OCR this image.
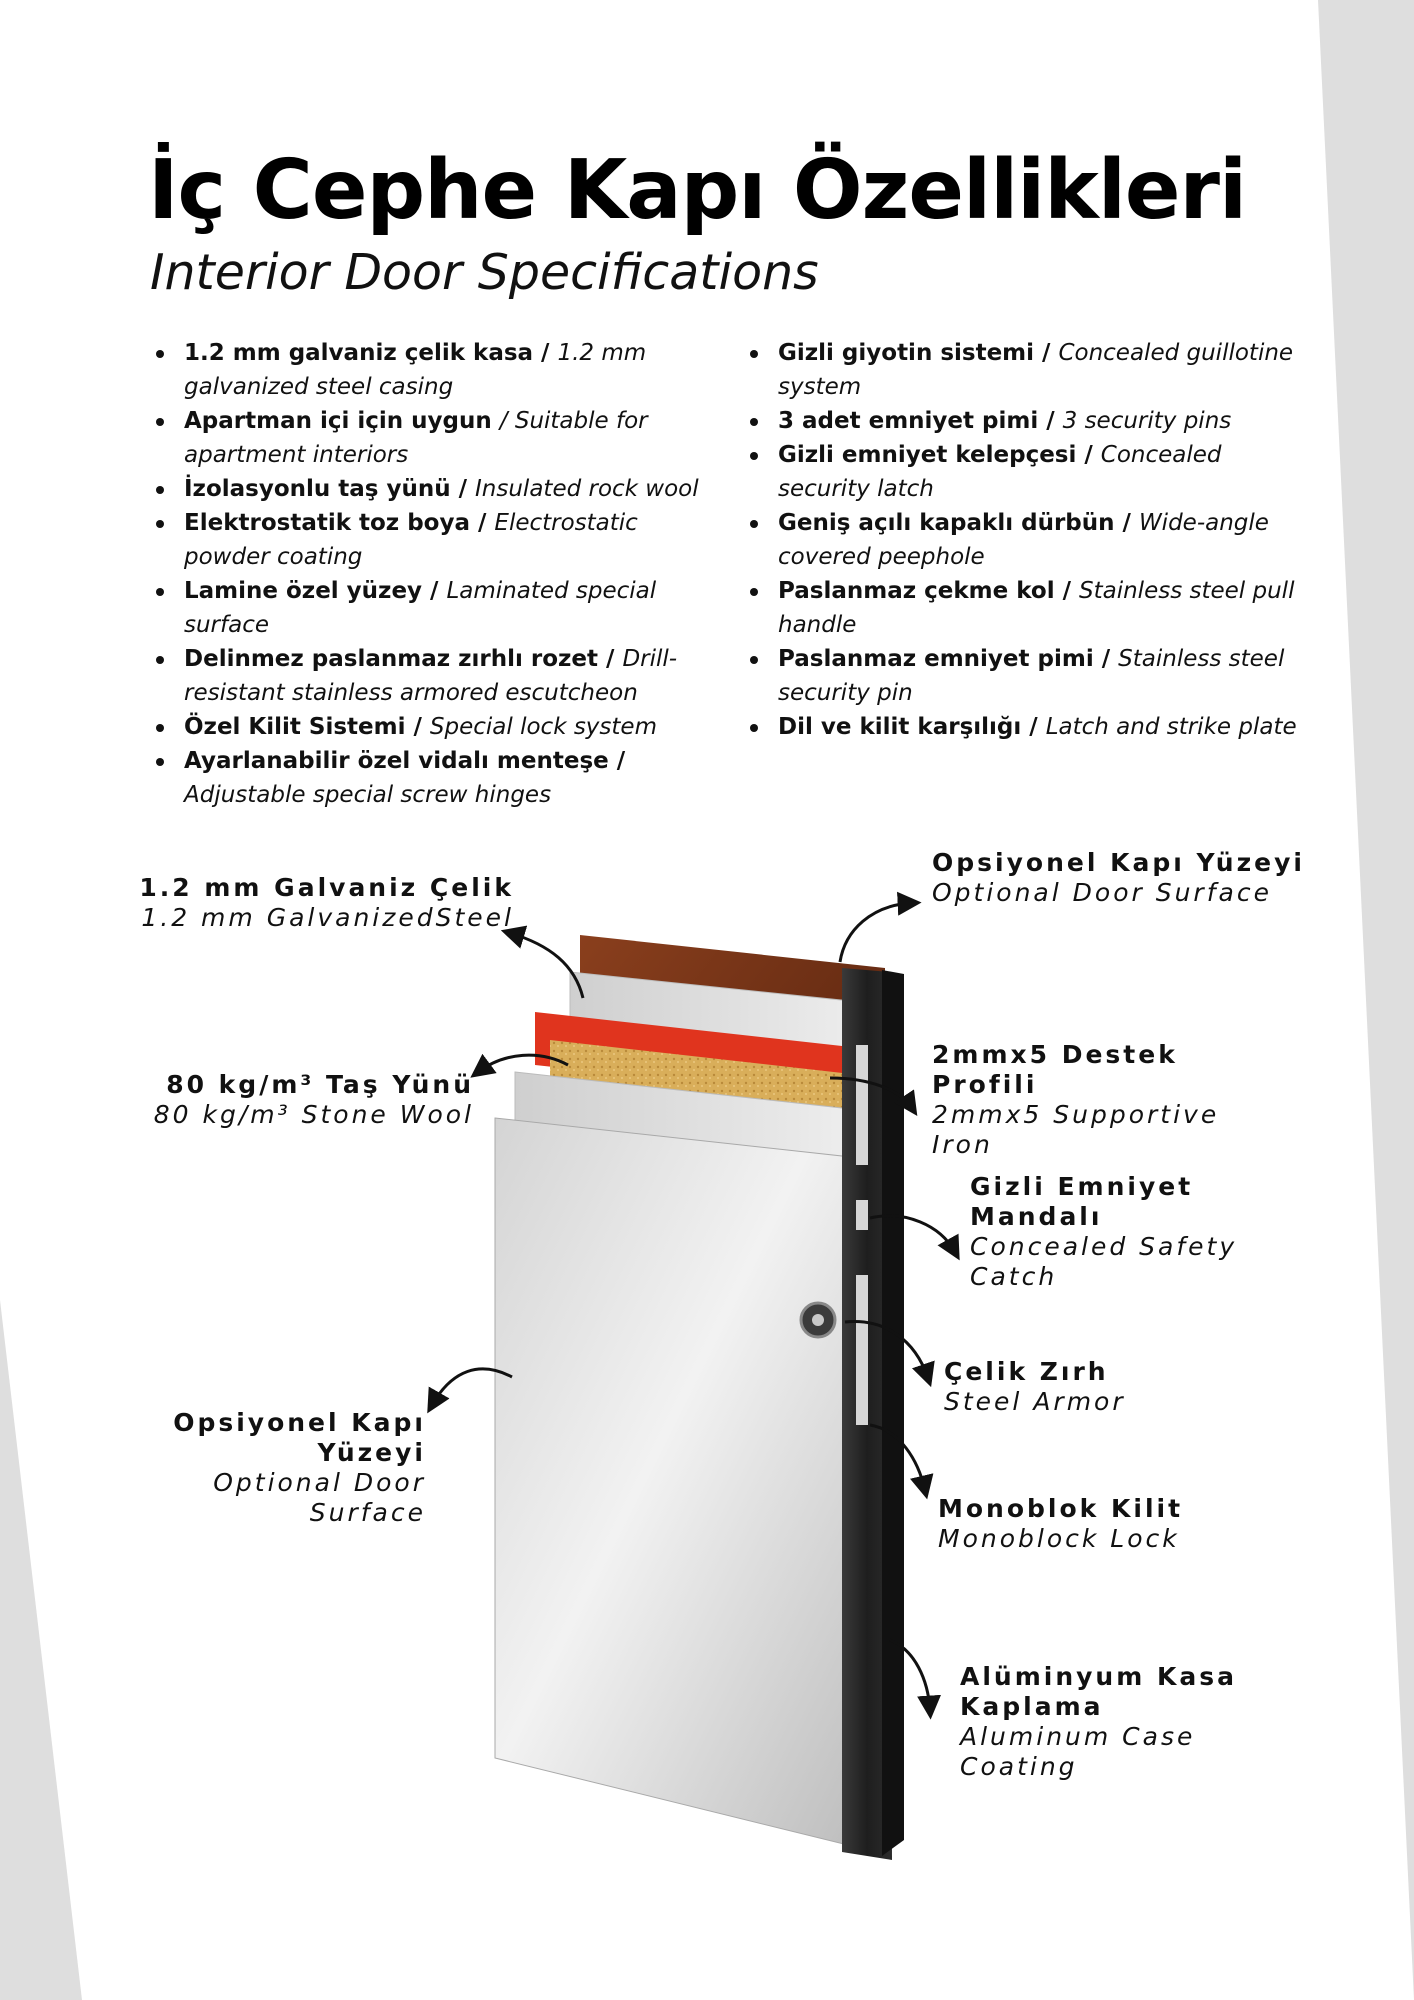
İç Cephe Kapı Özellikleri
Interior Door Specifications
1.2 mm galvaniz çelik kasa / 1.2 mm galvanized steel casing
Apartman içi için uygun / Suitable for apartment interiors
İzolasyonlu taş yünü / Insulated rock wool
Elektrostatik toz boya / Electrostatic powder coating
Lamine özel yüzey / Laminated special surface
Delinmez paslanmaz zırhlı rozet / Drill-resistant stainless armored escutcheon
Özel Kilit Sistemi / Special lock system
Ayarlanabilir özel vidalı menteşe / Adjustable special screw hinges
Gizli giyotin sistemi / Concealed guillotine system
3 adet emniyet pimi / 3 security pins
Gizli emniyet kelepçesi / Concealed security latch
Geniş açılı kapaklı dürbün / Wide-angle covered peephole
Paslanmaz çekme kol / Stainless steel pull handle
Paslanmaz emniyet pimi / Stainless steel security pin
Dil ve kilit karşılığı / Latch and strike plate
1.2 mm Galvaniz Çelik
1.2 mm GalvanizedSteel
80 kg/m³ Taş Yünü
80 kg/m³ Stone Wool
Opsiyonel Kapı Yüzeyi
Optional Door Surface
Opsiyonel Kapı Yüzeyi
Optional Door Surface
2mmx5 Destek Profili
2mmx5 Supportive Iron
Gizli Emniyet Mandalı
Concealed Safety Catch
Çelik Zırh
Steel Armor
Monoblok Kilit
Monoblock Lock
Alüminyum Kasa Kaplama
Aluminum Case Coating
